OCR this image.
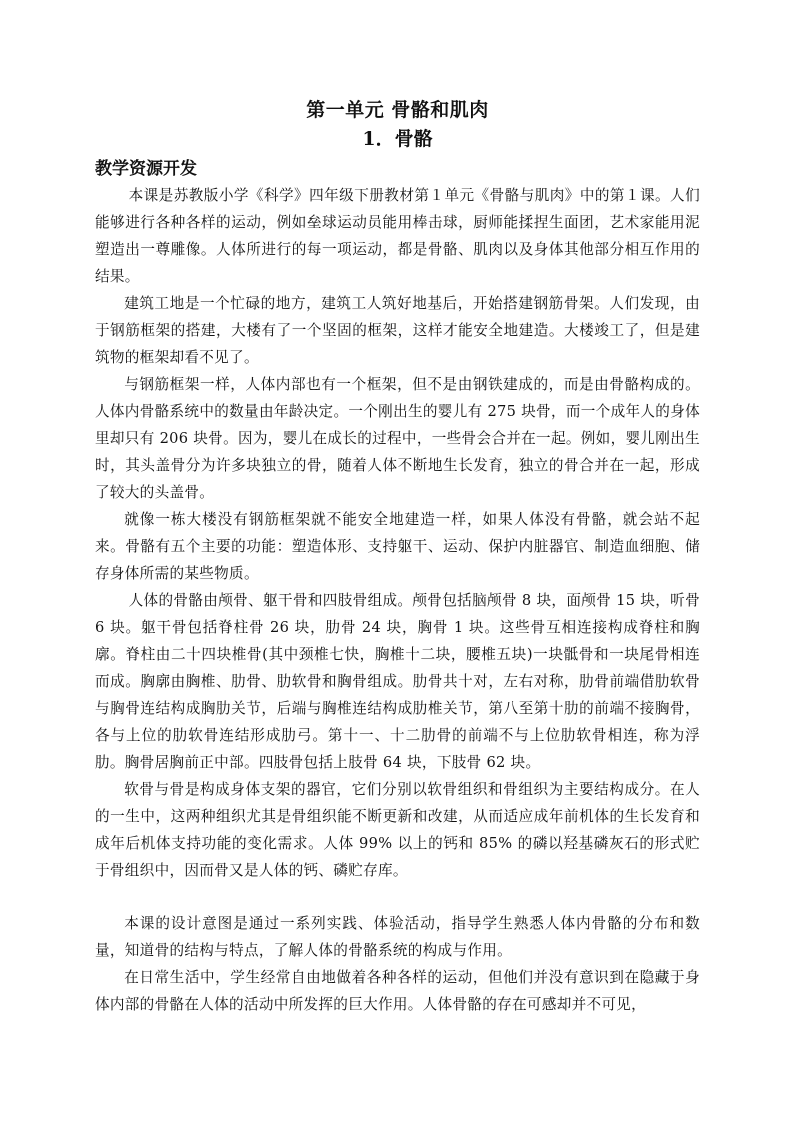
第一单元 骨骼和肌肉
1．骨骼
教学资源开发

本课是苏教版小学《科学》四年级下册教材第１单元《骨骼与肌肉》中的第１课。人们能够进行各种各样的运动，例如垒球运动员能用棒击球，厨师能揉捏生面团，艺术家能用泥塑造出一尊雕像。人体所进行的每一项运动，都是骨骼、肌肉以及身体其他部分相互作用的结果。

建筑工地是一个忙碌的地方，建筑工人筑好地基后，开始搭建钢筋骨架。人们发现，由于钢筋框架的搭建，大楼有了一个坚固的框架，这样才能安全地建造。大楼竣工了，但是建筑物的框架却看不见了。

与钢筋框架一样，人体内部也有一个框架，但不是由钢铁建成的，而是由骨骼构成的。人体内骨骼系统中的数量由年龄决定。一个刚出生的婴儿有 275 块骨，而一个成年人的身体里却只有 206 块骨。因为，婴儿在成长的过程中，一些骨会合并在一起。例如，婴儿刚出生时，其头盖骨分为许多块独立的骨，随着人体不断地生长发育，独立的骨合并在一起，形成了较大的头盖骨。

就像一栋大楼没有钢筋框架就不能安全地建造一样，如果人体没有骨骼，就会站不起来。骨骼有五个主要的功能：塑造体形、支持躯干、运动、保护内脏器官、制造血细胞、储存身体所需的某些物质。

人体的骨骼由颅骨、躯干骨和四肢骨组成。颅骨包括脑颅骨 8 块，面颅骨 15 块，听骨 6 块。躯干骨包括脊柱骨 26 块，肋骨 24 块，胸骨 1 块。这些骨互相连接构成脊柱和胸廓。脊柱由二十四块椎骨(其中颈椎七快，胸椎十二块，腰椎五块)一块骶骨和一块尾骨相连而成。胸廓由胸椎、肋骨、肋软骨和胸骨组成。肋骨共十对，左右对称，肋骨前端借肋软骨与胸骨连结构成胸肋关节，后端与胸椎连结构成肋椎关节，第八至第十肋的前端不接胸骨，各与上位的肋软骨连结形成肋弓。第十一、十二肋骨的前端不与上位肋软骨相连，称为浮肋。胸骨居胸前正中部。四肢骨包括上肢骨 64 块，下肢骨 62 块。

软骨与骨是构成身体支架的器官，它们分别以软骨组织和骨组织为主要结构成分。在人的一生中，这两种组织尤其是骨组织能不断更新和改建，从而适应成年前机体的生长发育和成年后机体支持功能的变化需求。人体 99% 以上的钙和 85% 的磷以羟基磷灰石的形式贮于骨组织中，因而骨又是人体的钙、磷贮存库。

本课的设计意图是通过一系列实践、体验活动，指导学生熟悉人体内骨骼的分布和数量，知道骨的结构与特点，了解人体的骨骼系统的构成与作用。

在日常生活中，学生经常自由地做着各种各样的运动，但他们并没有意识到在隐藏于身体内部的骨骼在人体的活动中所发挥的巨大作用。人体骨骼的存在可感却并不可见，
